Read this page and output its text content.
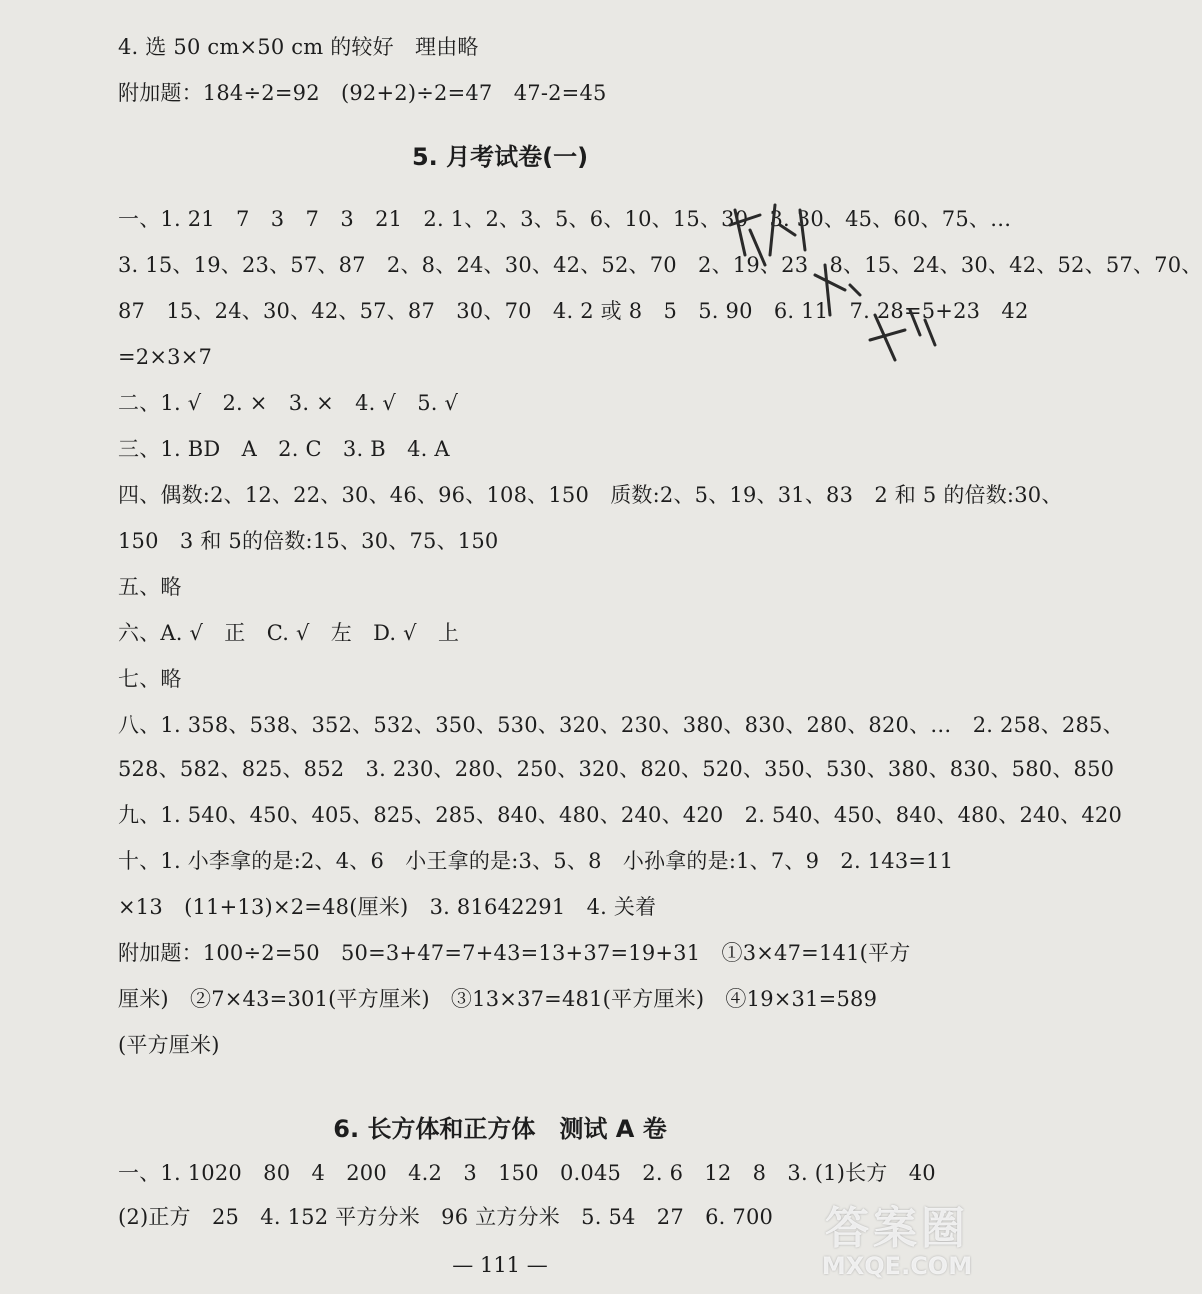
4. 选 50 cm×50 cm 的较好　理由略
附加题：184÷2=92　(92+2)÷2=47　47-2=45
5. 月考试卷(一)
一、1. 21　7　3　7　3　21　2. 1、2、3、5、6、10、15、30　3. 30、45、60、75、…
3. 15、19、23、57、87　2、8、24、30、42、52、70　2、19、23　8、15、24、30、42、52、57、70、
87　15、24、30、42、57、87　30、70　4. 2 或 8　5　5. 90　6. 11　7. 28=5+23　42
=2×3×7
二、1. √　2. ×　3. ×　4. √　5. √
三、1. BD　A　2. C　3. B　4. A
四、偶数:2、12、22、30、46、96、108、150　质数:2、5、19、31、83　2 和 5 的倍数:30、
150　3 和 5的倍数:15、30、75、150
五、略
六、A. √　正　C. √　左　D. √　上
七、略
八、1. 358、538、352、532、350、530、320、230、380、830、280、820、…　2. 258、285、
528、582、825、852　3. 230、280、250、320、820、520、350、530、380、830、580、850
九、1. 540、450、405、825、285、840、480、240、420　2. 540、450、840、480、240、420
十、1. 小李拿的是:2、4、6　小王拿的是:3、5、8　小孙拿的是:1、7、9　2. 143=11
×13　(11+13)×2=48(厘米)　3. 81642291　4. 关着
附加题：100÷2=50　50=3+47=7+43=13+37=19+31　①3×47=141(平方
厘米)　②7×43=301(平方厘米)　③13×37=481(平方厘米)　④19×31=589
(平方厘米)
6. 长方体和正方体　测试 A 卷
一、1. 1020　80　4　200　4.2　3　150　0.045　2. 6　12　8　3. (1)长方　40
(2)正方　25　4. 152 平方分米　96 立方分米　5. 54　27　6. 700
— 111 —
答案圈
MXQE.COM
